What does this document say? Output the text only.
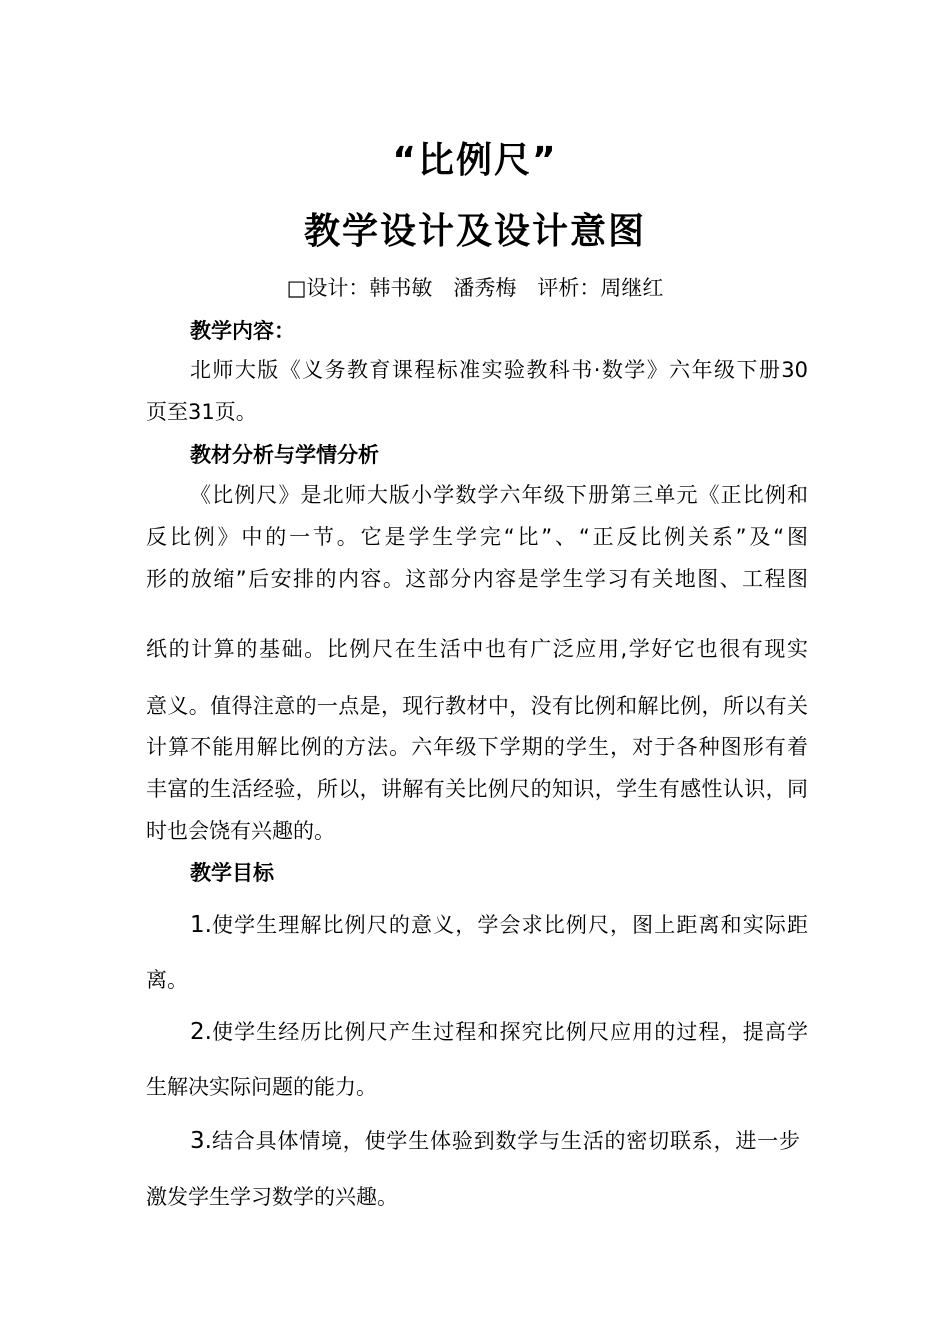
“比例尺”
教学设计及设计意图
□设计：韩书敏　潘秀梅　评析：周继红
教学内容：
北师大版《义务教育课程标准实验教科书·数学》六年级下册30
页至31页。
教材分析与学情分析
《比例尺》是北师大版小学数学六年级下册第三单元《正比例和
反比例》中的一节。它是学生学完“比”、“正反比例关系”及“图
形的放缩”后安排的内容。这部分内容是学生学习有关地图、工程图
纸的计算的基础。比例尺在生活中也有广泛应用,学好它也很有现实
意义。值得注意的一点是，现行教材中，没有比例和解比例，所以有关
计算不能用解比例的方法。六年级下学期的学生，对于各种图形有着
丰富的生活经验，所以，讲解有关比例尺的知识，学生有感性认识，同
时也会饶有兴趣的。
教学目标
1. 使学生理解比例尺的意义，学会求比例尺，图上距离和实际距
离。
2. 使学生经历比例尺产生过程和探究比例尺应用的过程，提高学
生解决实际问题的能力。
3. 结合具体情境，使学生体验到数学与生活的密切联系，进一步
激发学生学习数学的兴趣。
